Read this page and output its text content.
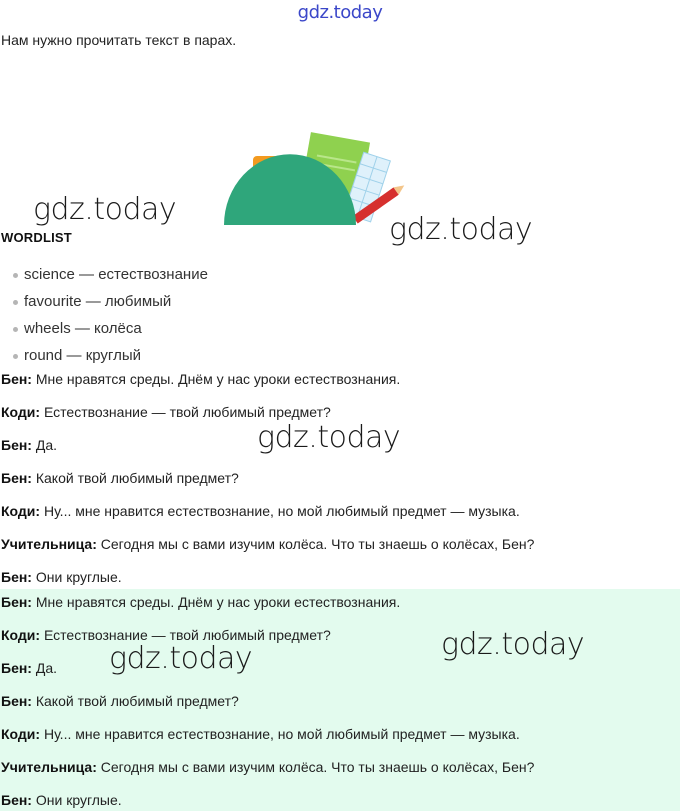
gdz.today
Нам нужно прочитать текст в парах.
gdz.today
gdz.today
gdz.today
WORDLIST
science — естествознание
favourite — любимый
wheels — колёса
round — круглый
Бен: Мне нравятся среды. Днём у нас уроки естествознания.
Коди: Естествознание — твой любимый предмет?
Бен: Да.
Бен: Какой твой любимый предмет?
Коди: Ну... мне нравится естествознание, но мой любимый предмет — музыка.
Учительница: Сегодня мы с вами изучим колёса. Что ты знаешь о колёсах, Бен?
Бен: Они круглые.
Бен: Мне нравятся среды. Днём у нас уроки естествознания.
Коди: Естествознание — твой любимый предмет?
Бен: Да.
Бен: Какой твой любимый предмет?
Коди: Ну... мне нравится естествознание, но мой любимый предмет — музыка.
Учительница: Сегодня мы с вами изучим колёса. Что ты знаешь о колёсах, Бен?
Бен: Они круглые.
gdz.today	gdz.today
